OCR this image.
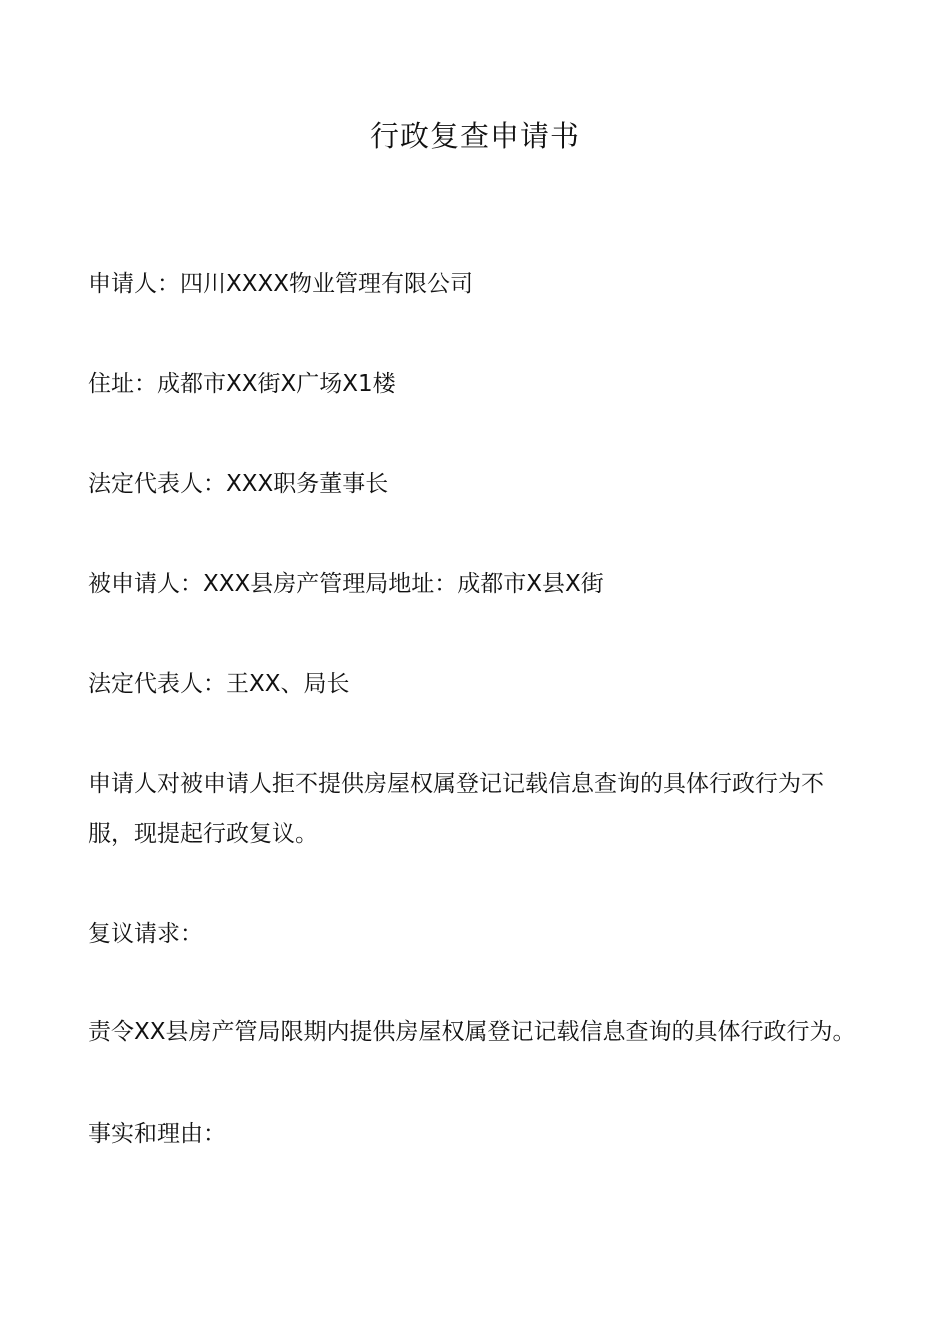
行政复查申请书
申请人：四川XXXX物业管理有限公司
住址：成都市XX街X广场X1楼
法定代表人：XXX职务董事长
被申请人：XXX县房产管理局地址：成都市X县X街
法定代表人：王XX、局长
申请人对被申请人拒不提供房屋权属登记记载信息查询的具体行政行为不
服，现提起行政复议。
复议请求：
责令XX县房产管局限期内提供房屋权属登记记载信息查询的具体行政行为。
事实和理由：
